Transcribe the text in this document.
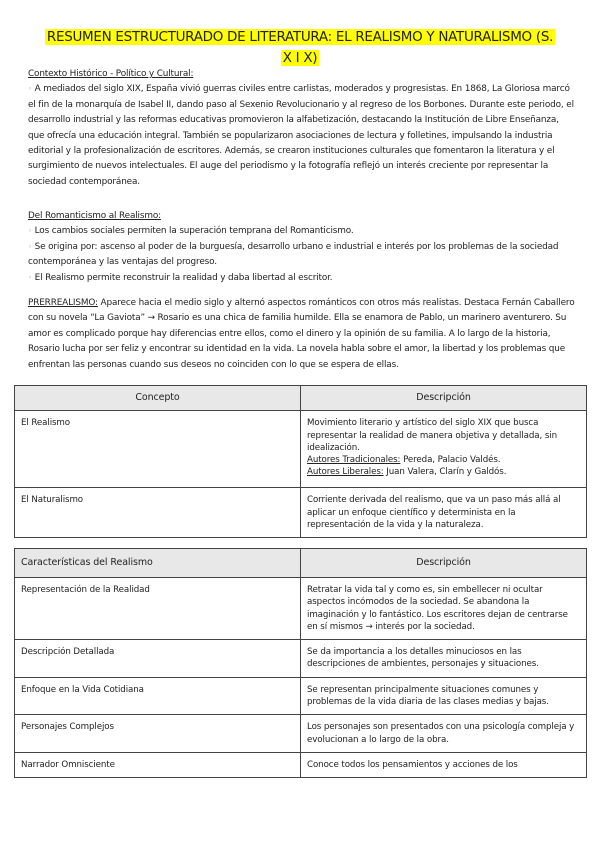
RESUMEN ESTRUCTURADO DE LITERATURA: EL REALISMO Y NATURALISMO (S.
X I X)
Contexto Histórico - Político y Cultural:
◦ A mediados del siglo XIX, España vivió guerras civiles entre carlistas, moderados y progresistas. En 1868, La Gloriosa marcó el fin de la monarquía de Isabel II, dando paso al Sexenio Revolucionario y al regreso de los Borbones. Durante este periodo, el desarrollo industrial y las reformas educativas promovieron la alfabetización, destacando la Institución de Libre Enseñanza, que ofrecía una educación integral. También se popularizaron asociaciones de lectura y folletines, impulsando la industria editorial y la profesionalización de escritores. Además, se crearon instituciones culturales que fomentaron la literatura y el surgimiento de nuevos intelectuales. El auge del periodismo y la fotografía reflejó un interés creciente por representar la sociedad contemporánea.
Del Romanticismo al Realismo:
◦ Los cambios sociales permiten la superación temprana del Romanticismo.
◦ Se origina por: ascenso al poder de la burguesía, desarrollo urbano e industrial e interés por los problemas de la sociedad contemporánea y las ventajas del progreso.
◦ El Realismo permite reconstruir la realidad y daba libertad al escritor.
PRERREALISMO: Aparece hacia el medio siglo y alternó aspectos románticos con otros más realistas. Destaca Fernán Caballero con su novela “La Gaviota” → Rosario es una chica de familia humilde. Ella se enamora de Pablo, un marinero aventurero. Su amor es complicado porque hay diferencias entre ellos, como el dinero y la opinión de su familia. A lo largo de la historia, Rosario lucha por ser feliz y encontrar su identidad en la vida. La novela habla sobre el amor, la libertad y los problemas que enfrentan las personas cuando sus deseos no coinciden con lo que se espera de ellas.
Concepto	Descripción
El Realismo	Movimiento literario y artístico del siglo XIX que busca representar la realidad de manera objetiva y detallada, sin idealización.
Autores Tradicionales: Pereda, Palacio Valdés.
Autores Liberales: Juan Valera, Clarín y Galdós.
El Naturalismo	Corriente derivada del realismo, que va un paso más allá al aplicar un enfoque científico y determinista en la representación de la vida y la naturaleza.
Características del Realismo	Descripción
Representación de la Realidad	Retratar la vida tal y como es, sin embellecer ni ocultar aspectos incómodos de la sociedad. Se abandona la imaginación y lo fantástico. Los escritores dejan de centrarse en sí mismos → interés por la sociedad.
Descripción Detallada	Se da importancia a los detalles minuciosos en las descripciones de ambientes, personajes y situaciones.
Enfoque en la Vida Cotidiana	Se representan principalmente situaciones comunes y problemas de la vida diaria de las clases medias y bajas.
Personajes Complejos	Los personajes son presentados con una psicología compleja y evolucionan a lo largo de la obra.
Narrador Omnisciente	Conoce todos los pensamientos y acciones de los
